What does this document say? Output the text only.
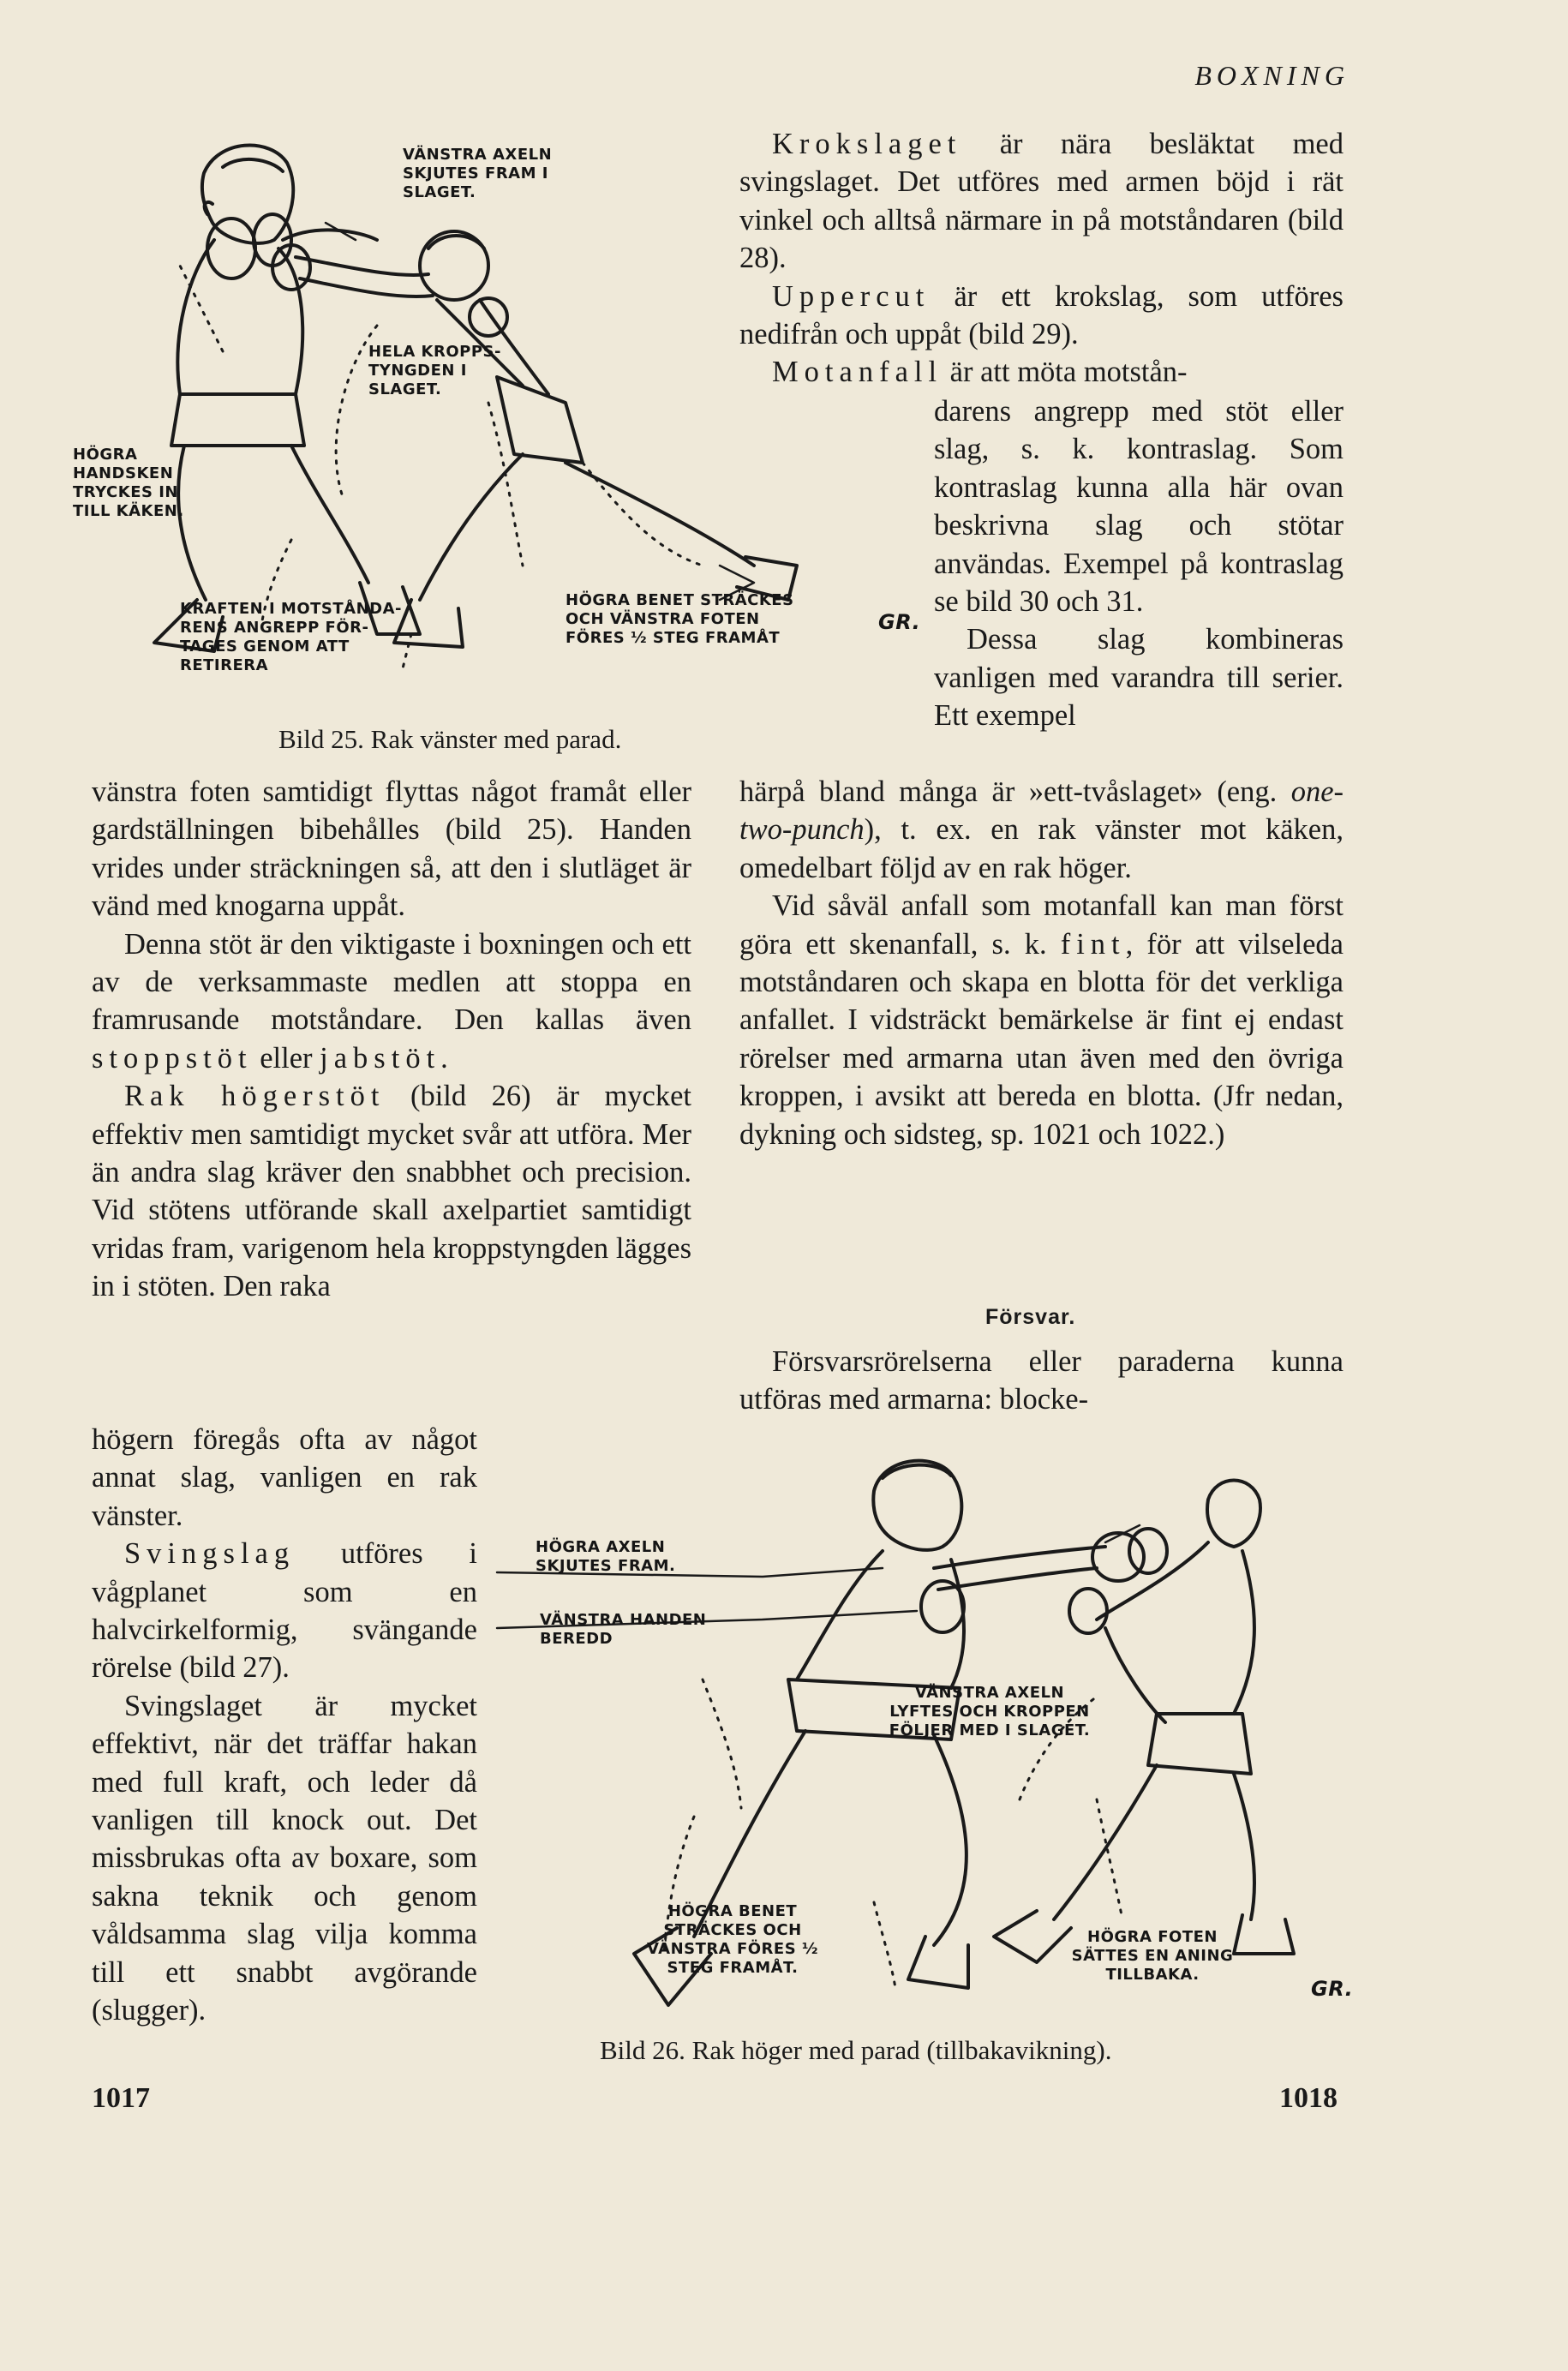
BOXNING
VÄNSTRA AXELN SKJUTES FRAM I SLAGET.
HELA KROPPS- TYNGDEN I SLAGET.
HÖGRA HANDSKEN TRYCKES IN TILL KÄKEN.
KRAFTEN I MOTSTÅNDA- RENS ANGREPP FÖR- TAGES GENOM ATT RETIRERA
HÖGRA BENET STRÄCKES OCH VÄNSTRA FOTEN FÖRES ½ STEG FRAMÅT
GR.
Bild 25. Rak vänster med parad.

vänstra foten samtidigt flyttas något framåt eller gardställningen bibehålles (bild 25). Handen vrides under sträckningen så, att den i slutläget är vänd med knogarna uppåt.

Denna stöt är den viktigaste i boxningen och ett av de verksammaste medlen att stoppa en framrusande motståndare. Den kallas även stoppstöt eller jabstöt.

Rak högerstöt (bild 26) är mycket effektiv men samtidigt mycket svår att utföra. Mer än andra slag kräver den snabbhet och precision. Vid stötens utförande skall axelpartiet samtidigt vridas fram, varigenom hela kroppstyngden lägges in i stöten. Den raka

högern föregås ofta av något annat slag, vanligen en rak vänster.

Svingslag utföres i vågplanet som en halvcirkelformig, svängande rörelse (bild 27).

Svingslaget är mycket effektivt, när det träffar hakan med full kraft, och leder då vanligen till knock out. Det missbrukas ofta av boxare, som sakna teknik och genom våldsamma slag vilja komma till ett snabbt avgörande (slugger).

1017

Krokslaget är nära besläktat med svingslaget. Det utföres med armen böjd i rät vinkel och alltså närmare in på motståndaren (bild 28).

Uppercut är ett krokslag, som utföres nedifrån och uppåt (bild 29).

Motanfall är att möta motstån-

darens angrepp med stöt eller slag, s. k. kontraslag. Som kontraslag kunna alla här ovan beskrivna slag och stötar användas. Exempel på kontraslag se bild 30 och 31.

Dessa slag kombineras vanligen med varandra till serier. Ett exempel

härpå bland många är »ett-tvåslaget» (eng. one-two-punch), t. ex. en rak vänster mot käken, omedelbart följd av en rak höger.

Vid såväl anfall som motanfall kan man först göra ett skenanfall, s. k. fint, för att vilseleda motståndaren och skapa en blotta för det verkliga anfallet. I vidsträckt bemärkelse är fint ej endast rörelser med armarna utan även med den övriga kroppen, i avsikt att bereda en blotta. (Jfr nedan, dykning och sidsteg, sp. 1021 och 1022.)

Försvar.

Försvarsrörelserna eller paraderna kunna utföras med armarna: blocke-

HÖGRA AXELN SKJUTES FRAM.
VÄNSTRA HANDEN BEREDD
VÄNSTRA AXELN LYFTES OCH KROPPEN FÖLJER MED I SLAGET.
HÖGRA BENET STRÄCKES OCH VÄNSTRA FÖRES ½ STEG FRAMÅT.
HÖGRA FOTEN SÄTTES EN ANING TILLBAKA.
GR.
Bild 26. Rak höger med parad (tillbakavikning).
1018
